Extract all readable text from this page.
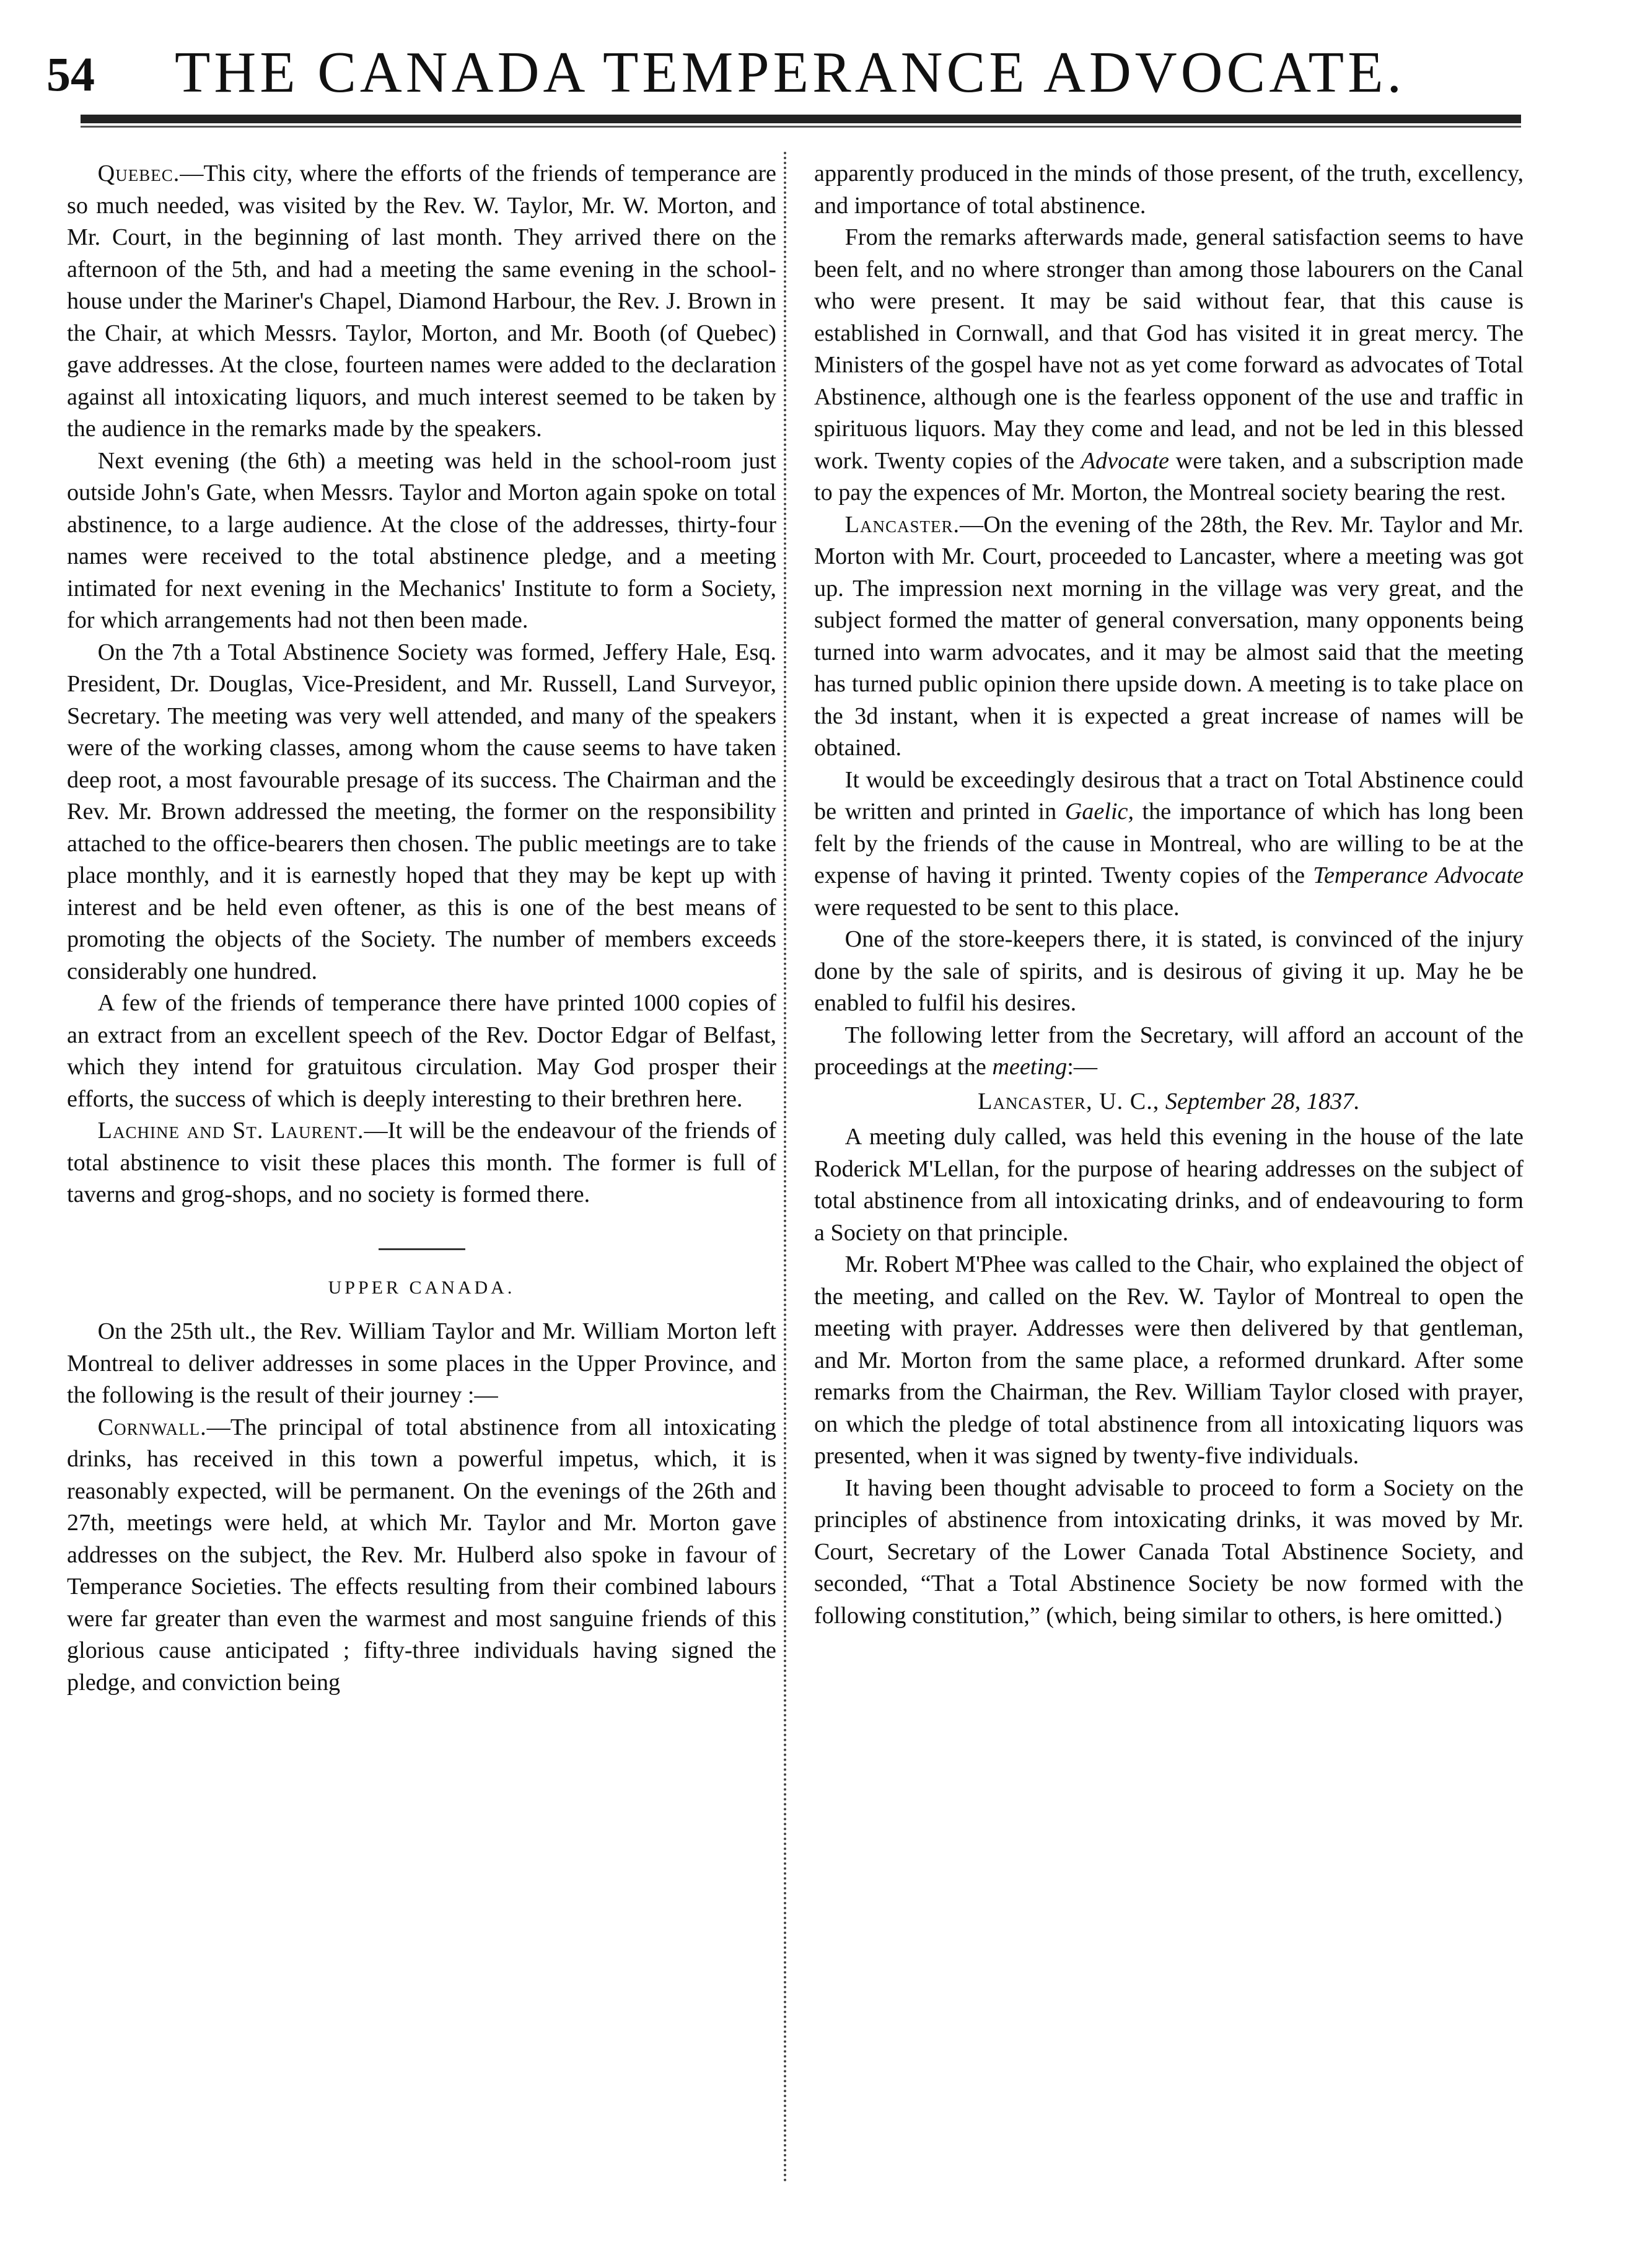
54	THE CANADA TEMPERANCE ADVOCATE.

Quebec.—This city, where the efforts of the friends of temperance are so much needed, was visited by the Rev. W. Taylor, Mr. W. Morton, and Mr. Court, in the beginning of last month. They arrived there on the afternoon of the 5th, and had a meeting the same evening in the school-house under the Mariner's Chapel, Diamond Harbour, the Rev. J. Brown in the Chair, at which Messrs. Taylor, Morton, and Mr. Booth (of Quebec) gave addresses. At the close, fourteen names were added to the declaration against all intoxicating liquors, and much interest seemed to be taken by the audience in the remarks made by the speakers.

Next evening (the 6th) a meeting was held in the school-room just outside John's Gate, when Messrs. Taylor and Morton again spoke on total abstinence, to a large audience. At the close of the addresses, thirty-four names were received to the total abstinence pledge, and a meeting intimated for next evening in the Mechanics' Institute to form a Society, for which arrangements had not then been made.

On the 7th a Total Abstinence Society was formed, Jeffery Hale, Esq. President, Dr. Douglas, Vice-President, and Mr. Russell, Land Surveyor, Secretary. The meeting was very well attended, and many of the speakers were of the working classes, among whom the cause seems to have taken deep root, a most favourable presage of its success. The Chairman and the Rev. Mr. Brown addressed the meeting, the former on the responsibility attached to the office-bearers then chosen. The public meetings are to take place monthly, and it is earnestly hoped that they may be kept up with interest and be held even oftener, as this is one of the best means of promoting the objects of the Society. The number of members exceeds considerably one hundred.

A few of the friends of temperance there have printed 1000 copies of an extract from an excellent speech of the Rev. Doctor Edgar of Belfast, which they intend for gratuitous circulation. May God prosper their efforts, the success of which is deeply interesting to their brethren here.

Lachine and St. Laurent.—It will be the endeavour of the friends of total abstinence to visit these places this month. The former is full of taverns and grog-shops, and no society is formed there.

UPPER CANADA.

On the 25th ult., the Rev. William Taylor and Mr. William Morton left Montreal to deliver addresses in some places in the Upper Province, and the following is the result of their journey :—

Cornwall.—The principal of total abstinence from all intoxicating drinks, has received in this town a powerful impetus, which, it is reasonably expected, will be permanent. On the evenings of the 26th and 27th, meetings were held, at which Mr. Taylor and Mr. Morton gave addresses on the subject, the Rev. Mr. Hulberd also spoke in favour of Temperance Societies. The effects resulting from their combined labours were far greater than even the warmest and most sanguine friends of this glorious cause anticipated ; fifty-three individuals having signed the pledge, and conviction being

apparently produced in the minds of those present, of the truth, excellency, and importance of total abstinence.

From the remarks afterwards made, general satisfaction seems to have been felt, and no where stronger than among those labourers on the Canal who were present. It may be said without fear, that this cause is established in Cornwall, and that God has visited it in great mercy. The Ministers of the gospel have not as yet come forward as advocates of Total Abstinence, although one is the fearless opponent of the use and traffic in spirituous liquors. May they come and lead, and not be led in this blessed work. Twenty copies of the Advocate were taken, and a subscription made to pay the expences of Mr. Morton, the Montreal society bearing the rest.

Lancaster.—On the evening of the 28th, the Rev. Mr. Taylor and Mr. Morton with Mr. Court, proceeded to Lancaster, where a meeting was got up. The impression next morning in the village was very great, and the subject formed the matter of general conversation, many opponents being turned into warm advocates, and it may be almost said that the meeting has turned public opinion there upside down. A meeting is to take place on the 3d instant, when it is expected a great increase of names will be obtained.

It would be exceedingly desirous that a tract on Total Abstinence could be written and printed in Gaelic, the importance of which has long been felt by the friends of the cause in Montreal, who are willing to be at the expense of having it printed. Twenty copies of the Temperance Advocate were requested to be sent to this place.

One of the store-keepers there, it is stated, is convinced of the injury done by the sale of spirits, and is desirous of giving it up. May he be enabled to fulfil his desires.

The following letter from the Secretary, will afford an account of the proceedings at the meeting:—

Lancaster, U. C., September 28, 1837.

A meeting duly called, was held this evening in the house of the late Roderick M'Lellan, for the purpose of hearing addresses on the subject of total abstinence from all intoxicating drinks, and of endeavouring to form a Society on that principle.

Mr. Robert M'Phee was called to the Chair, who explained the object of the meeting, and called on the Rev. W. Taylor of Montreal to open the meeting with prayer. Addresses were then delivered by that gentleman, and Mr. Morton from the same place, a reformed drunkard. After some remarks from the Chairman, the Rev. William Taylor closed with prayer, on which the pledge of total abstinence from all intoxicating liquors was presented, when it was signed by twenty-five individuals.

It having been thought advisable to proceed to form a Society on the principles of abstinence from intoxicating drinks, it was moved by Mr. Court, Secretary of the Lower Canada Total Abstinence Society, and seconded, “That a Total Abstinence Society be now formed with the following constitution,” (which, being similar to others, is here omitted.)
